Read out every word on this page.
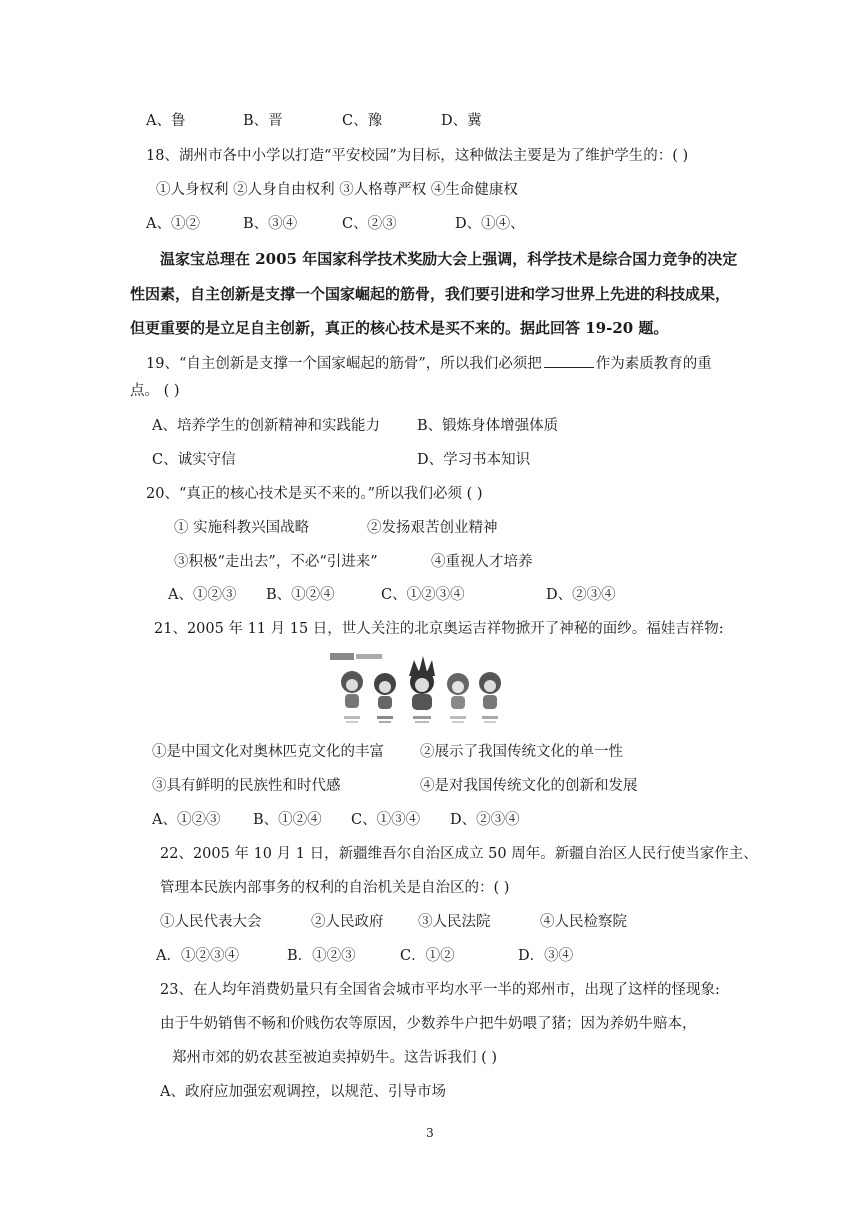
A、鲁	B、晋	C、豫	D、冀
18、湖州市各中小学以打造“平安校园”为目标，这种做法主要是为了维护学生的：( )
①人身权利 ②人身自由权利 ③人格尊严权 ④生命健康权
A、①②	B、③④	C、②③	D、①④、
温家宝总理在 2005 年国家科学技术奖励大会上强调，科学技术是综合国力竞争的决定
性因素，自主创新是支撑一个国家崛起的筋骨，我们要引进和学习世界上先进的科技成果，
但更重要的是立足自主创新，真正的核心技术是买不来的。据此回答 19-20 题。
19、“自主创新是支撑一个国家崛起的筋骨”，所以我们必须把	作为素质教育的重
点。 ( )
A、培养学生的创新精神和实践能力	B、锻炼身体增强体质
C、诚实守信	D、学习书本知识
20、“真正的核心技术是买不来的。”所以我们必须 ( )
① 实施科教兴国战略	②发扬艰苦创业精神
③积极“走出去”，不必“引进来”	④重视人才培养
A、①②③ B、①②④	C、①②③④	D、②③④
21、2005 年 11 月 15 日，世人关注的北京奥运吉祥物掀开了神秘的面纱。福娃吉祥物:
①是中国文化对奥林匹克文化的丰富 ②展示了我国传统文化的单一性
③具有鲜明的民族性和时代感	④是对我国传统文化的创新和发展
A、①②③ B、①②④ C、①③④ D、②③④
22、2005 年 10 月 1 日，新疆维吾尔自治区成立 50 周年。新疆自治区人民行使当家作主、
管理本民族内部事务的权利的自治机关是自治区的：( )
①人民代表大会	②人民政府 ③人民法院	④人民检察院
A．①②③④	B．①②③	C．①②	D．③④
23、在人均年消费奶量只有全国省会城市平均水平一半的郑州市，出现了这样的怪现象:
由于牛奶销售不畅和价贱伤农等原因，少数养牛户把牛奶喂了猪；因为养奶牛赔本，
郑州市郊的奶农甚至被迫卖掉奶牛。这告诉我们 ( )
A、政府应加强宏观调控，以规范、引导市场
3
